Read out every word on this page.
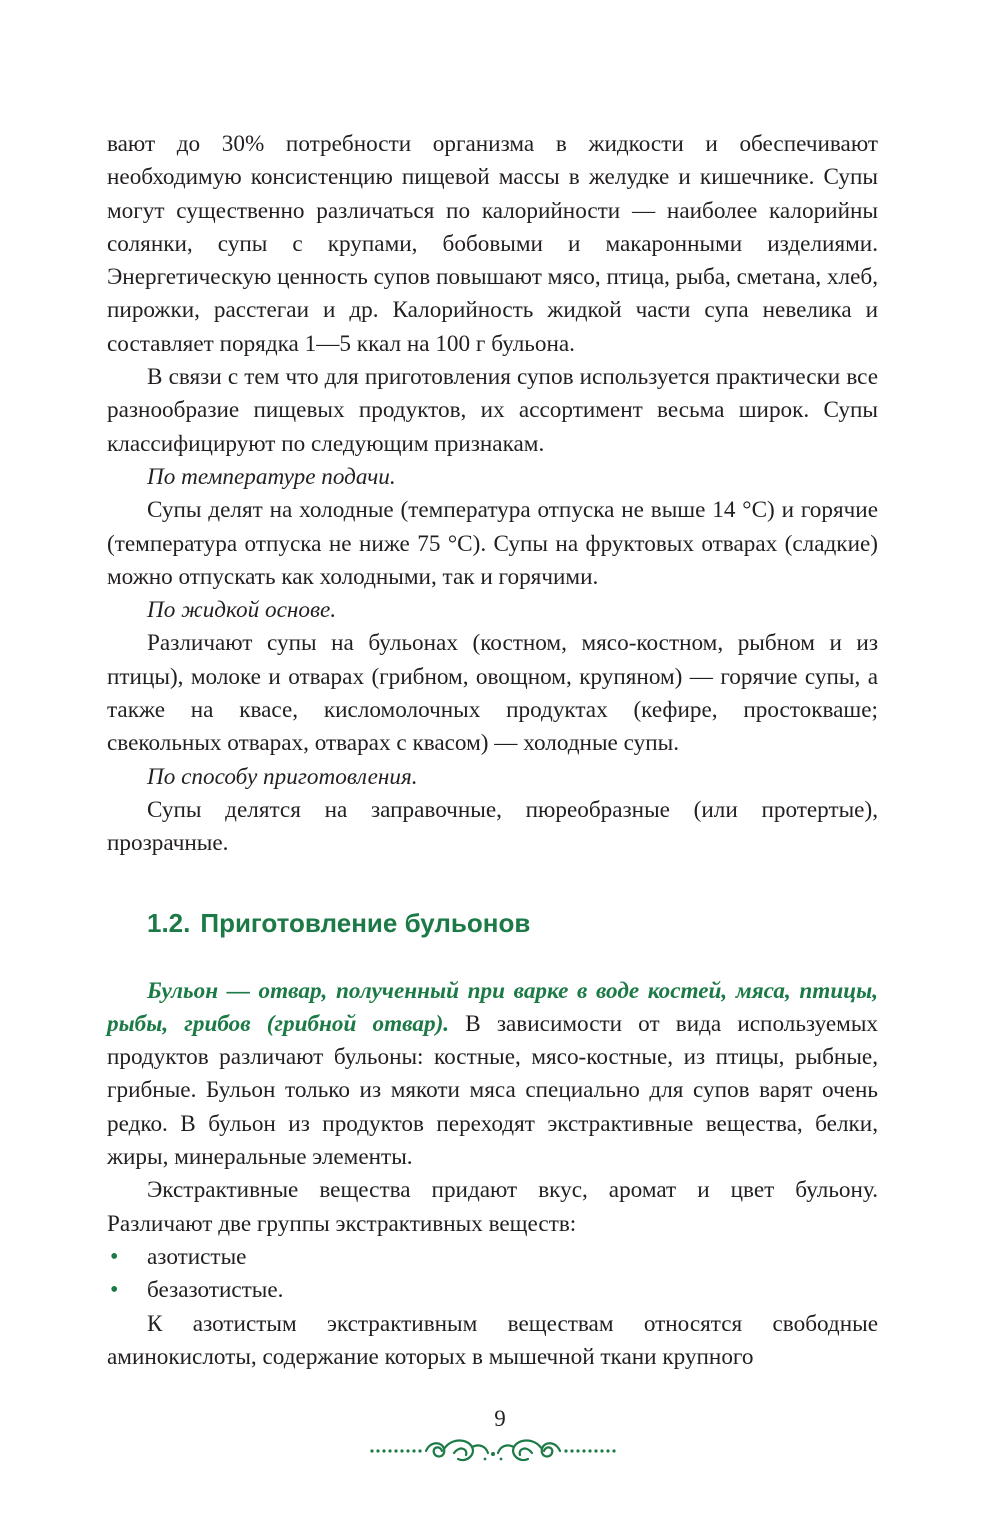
вают до 30% потребности организма в жидкости и обеспечивают необходимую консистенцию пищевой массы в желудке и кишечнике. Супы могут существенно различаться по калорийности — наиболее калорийны солянки, супы с крупами, бобовыми и макаронными изделиями. Энергетическую ценность супов повышают мясо, птица, рыба, сметана, хлеб, пирожки, расстегаи и др. Калорийность жидкой части супа невелика и составляет порядка 1—5 ккал на 100 г бульона.

В связи с тем что для приготовления супов используется практически все разнообразие пищевых продуктов, их ассортимент весьма широк. Супы классифицируют по следующим признакам.

По температуре подачи.

Супы делят на холодные (температура отпуска не выше 14 °С) и горячие (температура отпуска не ниже 75 °С). Супы на фруктовых отварах (сладкие) можно отпускать как холодными, так и горячими.

По жидкой основе.

Различают супы на бульонах (костном, мясо-костном, рыбном и из птицы), молоке и отварах (грибном, овощном, крупяном) — горячие супы, а также на квасе, кисломолочных продуктах (кефире, простокваше; свекольных отварах, отварах с квасом) — холодные супы.

По способу приготовления.

Супы делятся на заправочные, пюреобразные (или протертые), прозрачные.

1.2. Приготовление бульонов

Бульон — отвар, полученный при варке в воде костей, мяса, птицы, рыбы, грибов (грибной отвар). В зависимости от вида используемых продуктов различают бульоны: костные, мясо-костные, из птицы, рыбные, грибные. Бульон только из мякоти мяса специально для супов варят очень редко. В бульон из продуктов переходят экстрактивные вещества, белки, жиры, минеральные элементы.

Экстрактивные вещества придают вкус, аромат и цвет бульону. Различают две группы экстрактивных веществ:

• азотистые
• безазотистые.

К азотистым экстрактивным веществам относятся свободные аминокислоты, содержание которых в мышечной ткани крупного

9
